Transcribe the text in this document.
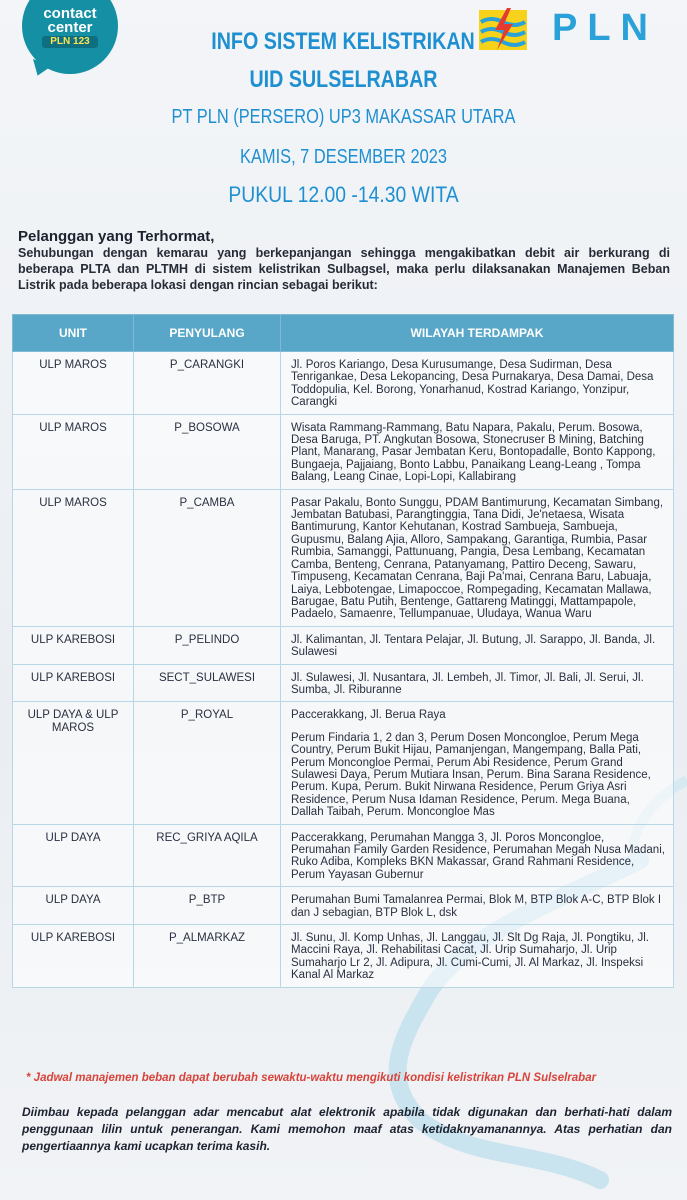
contact
center
PLN 123	PLN
INFO SISTEM KELISTRIKAN
UID SULSELRABAR
PT PLN (PERSERO) UP3 MAKASSAR UTARA
KAMIS, 7 DESEMBER 2023
PUKUL 12.00 -14.30 WITA
Pelanggan yang Terhormat,
Sehubungan dengan kemarau yang berkepanjangan sehingga mengakibatkan debit air berkurang di beberapa PLTA dan PLTMH di sistem kelistrikan Sulbagsel, maka perlu dilaksanakan Manajemen Beban Listrik pada beberapa lokasi dengan rincian sebagai berikut:
UNIT	PENYULANG	WILAYAH TERDAMPAK
ULP MAROS	P_CARANGKI	Jl. Poros Kariango, Desa Kurusumange, Desa Sudirman, Desa Tenrigankae, Desa Lekopancing, Desa Purnakarya, Desa Damai, Desa Toddopulia, Kel. Borong, Yonarhanud, Kostrad Kariango, Yonzipur, Carangki
ULP MAROS	P_BOSOWA	Wisata Rammang-Rammang, Batu Napara, Pakalu, Perum. Bosowa, Desa Baruga, PT. Angkutan Bosowa, Stonecruser B Mining, Batching Plant, Manarang, Pasar Jembatan Keru, Bontopadalle, Bonto Kappong, Bungaeja, Pajjaiang, Bonto Labbu, Panaikang Leang-Leang , Tompa Balang, Leang Cinae, Lopi-Lopi, Kallabirang
ULP MAROS	P_CAMBA	Pasar Pakalu, Bonto Sunggu, PDAM Bantimurung, Kecamatan Simbang, Jembatan Batubasi, Parangtinggia, Tana Didi, Je'netaesa, Wisata Bantimurung, Kantor Kehutanan, Kostrad Sambueja, Sambueja, Gupusmu, Balang Ajia, Alloro, Sampakang, Garantiga, Rumbia, Pasar Rumbia, Samanggi, Pattunuang, Pangia, Desa Lembang, Kecamatan Camba, Benteng, Cenrana, Patanyamang, Pattiro Deceng, Sawaru, Timpuseng, Kecamatan Cenrana, Baji Pa'mai, Cenrana Baru, Labuaja, Laiya, Lebbotengae, Limapoccoe, Rompegading, Kecamatan Mallawa, Barugae, Batu Putih, Bentenge, Gattareng Matinggi, Mattampapole, Padaelo, Samaenre, Tellumpanuae, Uludaya, Wanua Waru
ULP KAREBOSI	P_PELINDO	Jl. Kalimantan, Jl. Tentara Pelajar, Jl. Butung, Jl. Sarappo, Jl. Banda, Jl. Sulawesi
ULP KAREBOSI	SECT_SULAWESI	Jl. Sulawesi, Jl. Nusantara, Jl. Lembeh, Jl. Timor, Jl. Bali, Jl. Serui, Jl. Sumba, Jl. Riburanne
ULP DAYA & ULP MAROS	P_ROYAL	Paccerakkang, Jl. Berua Raya
Perum Findaria 1, 2 dan 3, Perum Dosen Moncongloe, Perum Mega Country, Perum Bukit Hijau, Pamanjengan, Mangempang, Balla Pati, Perum Moncongloe Permai, Perum Abi Residence, Perum Grand Sulawesi Daya, Perum Mutiara Insan, Perum. Bina Sarana Residence, Perum. Kupa, Perum. Bukit Nirwana Residence, Perum Griya Asri Residence, Perum Nusa Idaman Residence, Perum. Mega Buana, Dallah Taibah, Perum. Moncongloe Mas

ULP DAYA	REC_GRIYA AQILA	Paccerakkang, Perumahan Mangga 3, Jl. Poros Moncongloe, Perumahan Family Garden Residence, Perumahan Megah Nusa Madani, Ruko Adiba, Kompleks BKN Makassar, Grand Rahmani Residence, Perum Yayasan Gubernur
ULP DAYA	P_BTP	Perumahan Bumi Tamalanrea Permai, Blok M, BTP Blok A-C, BTP Blok I dan J sebagian, BTP Blok L, dsk
ULP KAREBOSI	P_ALMARKAZ	Jl. Sunu, Jl. Komp Unhas, Jl. Langgau, Jl. Slt Dg Raja, Jl. Pongtiku, Jl. Maccini Raya, Jl. Rehabilitasi Cacat, Jl. Urip Sumaharjo, Jl. Urip Sumaharjo Lr 2, Jl. Adipura, Jl. Cumi-Cumi, Jl. Al Markaz, Jl. Inspeksi Kanal Al Markaz
* Jadwal manajemen beban dapat berubah sewaktu-waktu mengikuti kondisi kelistrikan PLN Sulselrabar
Diimbau kepada pelanggan adar mencabut alat elektronik apabila tidak digunakan dan berhati-hati dalam penggunaan lilin untuk penerangan. Kami memohon maaf atas ketidaknyamanannya. Atas perhatian dan pengertiaannya kami ucapkan terima kasih.
